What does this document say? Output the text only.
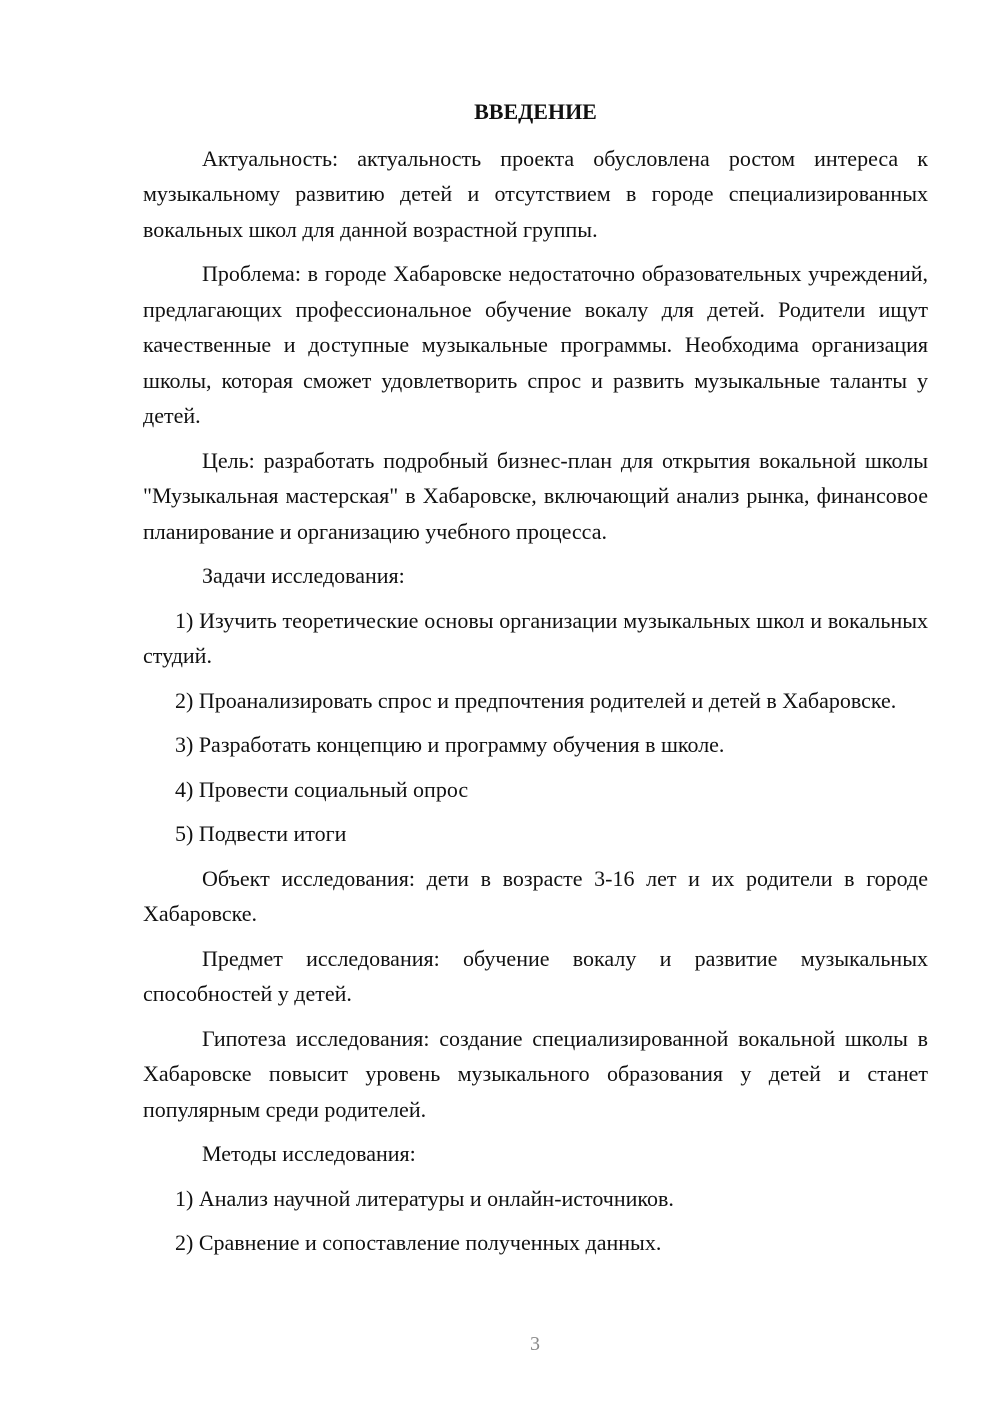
ВВЕДЕНИЕ

Актуальность: актуальность проекта обусловлена ростом интереса к музыкальному развитию детей и отсутствием в городе специализированных вокальных школ для данной возрастной группы.

Проблема: в городе Хабаровске недостаточно образовательных учреждений, предлагающих профессиональное обучение вокалу для детей. Родители ищут качественные и доступные музыкальные программы. Необходима организация школы, которая сможет удовлетворить спрос и развить музыкальные таланты у детей.

Цель: разработать подробный бизнес-план для открытия вокальной школы "Музыкальная мастерская" в Хабаровске, включающий анализ рынка, финансовое планирование и организацию учебного процесса.

Задачи исследования:

1) Изучить теоретические основы организации музыкальных школ и вокальных студий.

2) Проанализировать спрос и предпочтения родителей и детей в Хабаровске.

3) Разработать концепцию и программу обучения в школе.

4) Провести социальный опрос

5) Подвести итоги

Объект исследования: дети в возрасте 3-16 лет и их родители в городе Хабаровске.

Предмет исследования: обучение вокалу и развитие музыкальных способностей у детей.

Гипотеза исследования: создание специализированной вокальной школы в Хабаровске повысит уровень музыкального образования у детей и станет популярным среди родителей.

Методы исследования:

1) Анализ научной литературы и онлайн-источников.

2) Сравнение и сопоставление полученных данных.

3
